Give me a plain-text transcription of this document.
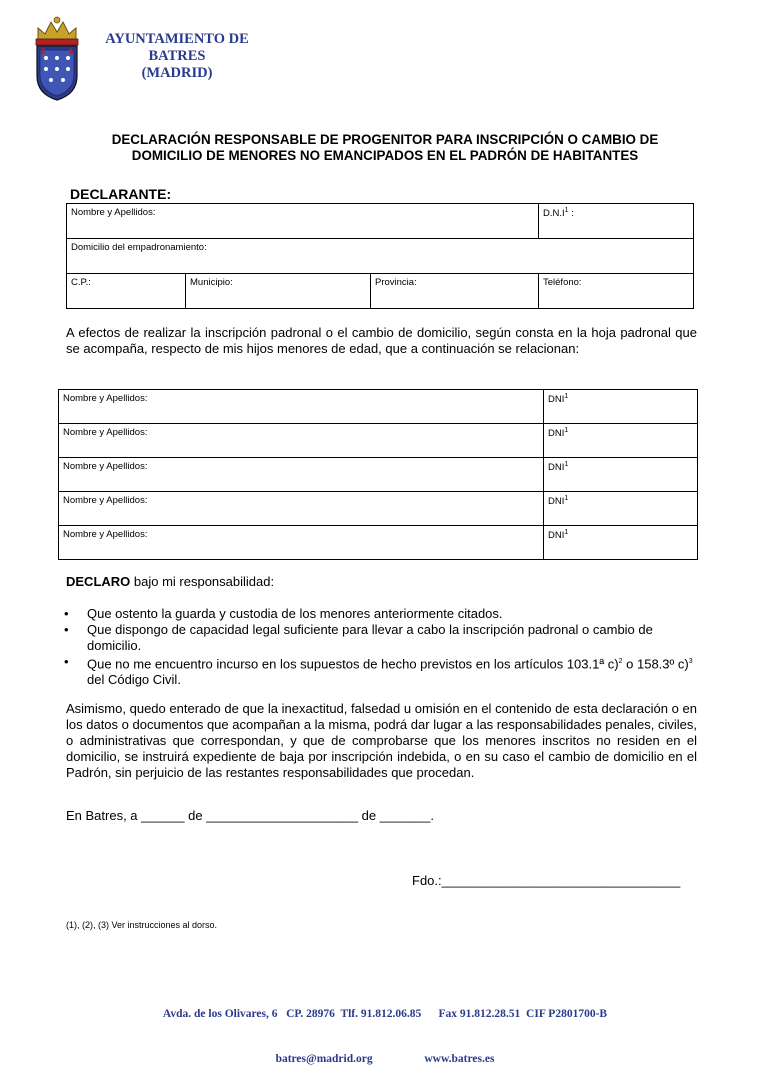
AYUNTAMIENTO DE
BATRES
(MADRID)
DECLARACIÓN RESPONSABLE DE PROGENITOR PARA INSCRIPCIÓN O CAMBIO DE
DOMICILIO DE MENORES NO EMANCIPADOS EN EL PADRÓN DE HABITANTES
DECLARANTE:
Nombre y Apellidos:			$D.N.I^1$ :
Domicilio del empadronamiento:			
C.P.:	Municipio:	Provincia:	Teléfono:
A efectos de realizar la inscripción padronal o el cambio de domicilio, según consta en la hoja padronal que se acompaña, respecto de mis hijos menores de edad, que a continuación se relacionan:
Nombre y Apellidos:	DNI$^1$
Nombre y Apellidos:	DNI$^1$
Nombre y Apellidos:	DNI$^1$
Nombre y Apellidos:	DNI$^1$
Nombre y Apellidos:	DNI$^1$
DECLARO bajo mi responsabilidad:
• Que ostento la guarda y custodia de los menores anteriormente citados.
• Que dispongo de capacidad legal suficiente para llevar a cabo la inscripción padronal o cambio de domicilio.
• Que no me encuentro incurso en los supuestos de hecho previstos en los artículos 103.1ª c)$^2$ o 158.3º c)$^3$ del Código Civil.
Asimismo, quedo enterado de que la inexactitud, falsedad u omisión en el contenido de esta declaración o en los datos o documentos que acompañan a la misma, podrá dar lugar a las responsabilidades penales, civiles, o administrativas que correspondan, y que de comprobarse que los menores inscritos no residen en el domicilio, se instruirá expediente de baja por inscripción indebida, o en su caso el cambio de domicilio en el Padrón, sin perjuicio de las restantes responsabilidades que procedan.
En Batres, a ______ de _____________________ de _______.
Fdo.:_________________________________
(1), (2), (3) Ver instrucciones al dorso.

Avda. de los Olivares, 6   CP. 28976  Tlf. 91.812.06.85      Fax 91.812.28.51  CIF P2801700-B

batres@madrid.org                  www.batres.es
